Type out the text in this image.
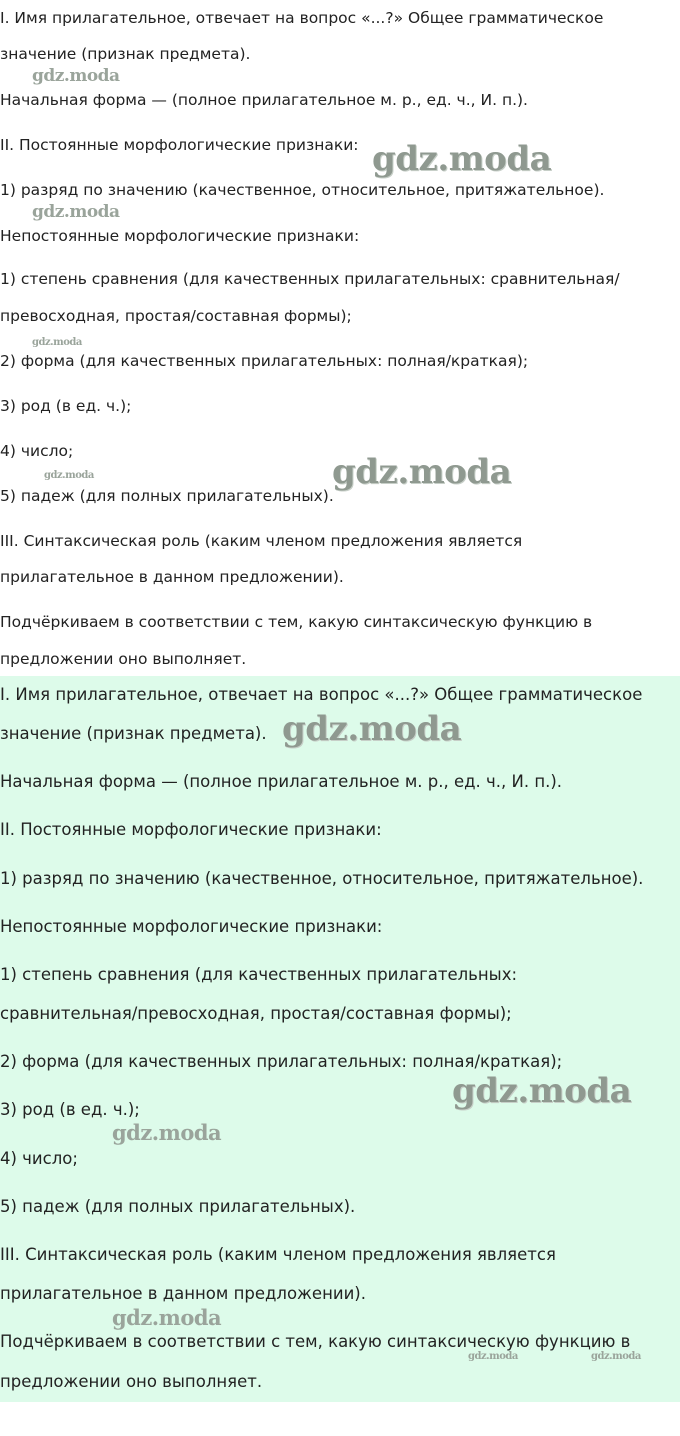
I. Имя прилагательное, отвечает на вопрос «...?» Общее грамматическое
значение (признак предмета).
Начальная форма — (полное прилагательное м. р., ед. ч., И. п.).
II. Постоянные морфологические признаки:
1) разряд по значению (качественное, относительное, притяжательное).
Непостоянные морфологические признаки:
1) степень сравнения (для качественных прилагательных: сравнительная/
превосходная, простая/составная формы);
2) форма (для качественных прилагательных: полная/краткая);
3) род (в ед. ч.);
4) число;
5) падеж (для полных прилагательных).
III. Синтаксическая роль (каким членом предложения является
прилагательное в данном предложении).
Подчёркиваем в соответствии с тем, какую синтаксическую функцию в
предложении оно выполняет.
gdz.moda
gdz.moda
gdz.moda
gdz.moda
gdz.moda	gdz.moda
I. Имя прилагательное, отвечает на вопрос «...?» Общее грамматическое
значение (признак предмета).
Начальная форма — (полное прилагательное м. р., ед. ч., И. п.).
II. Постоянные морфологические признаки:
1) разряд по значению (качественное, относительное, притяжательное).
Непостоянные морфологические признаки:
1) степень сравнения (для качественных прилагательных:
сравнительная/превосходная, простая/составная формы);
2) форма (для качественных прилагательных: полная/краткая);
3) род (в ед. ч.);
4) число;
5) падеж (для полных прилагательных).
III. Синтаксическая роль (каким членом предложения является
прилагательное в данном предложении).
Подчёркиваем в соответствии с тем, какую синтаксическую функцию в
предложении оно выполняет.
gdz.moda
gdz.moda
gdz.moda
gdz.moda
gdz.moda	gdz.moda
